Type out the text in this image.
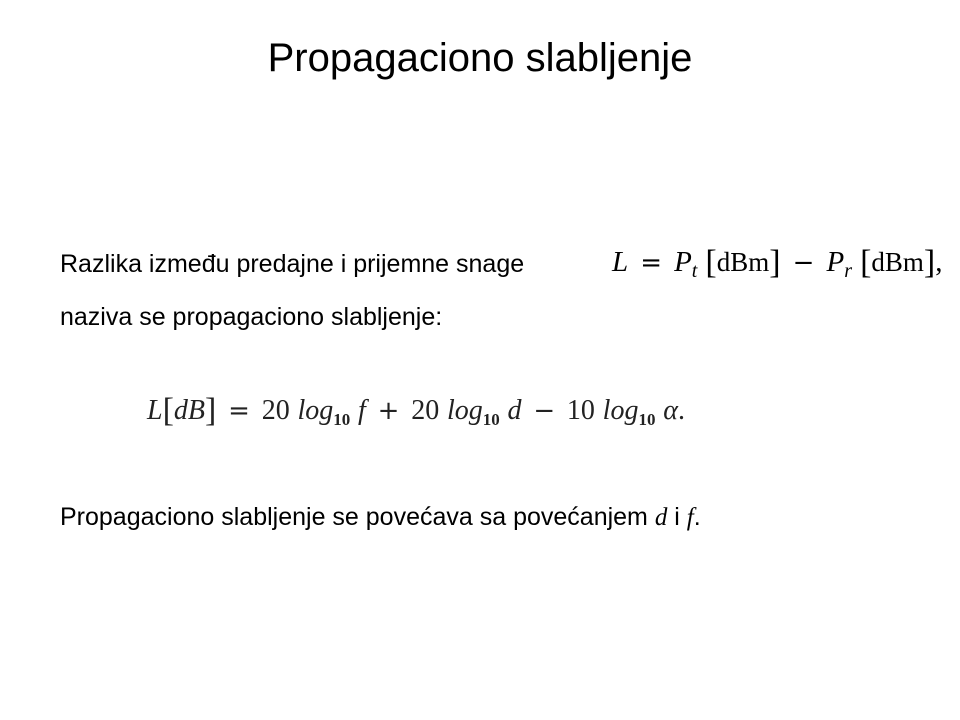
Propagaciono slabljenje
Razlika između predajne i prijemne snage	$L = P_t$ $[dBm] - P_r$ [dBm],
naziva se propagaciono slabljenje:
L[dB] = 20 $\log_{10} f + 20$ $\log_{10} d - 10$ $\log_{10} \alpha$.
Propagaciono slabljenje se povećava sa povećanjem d i f.
